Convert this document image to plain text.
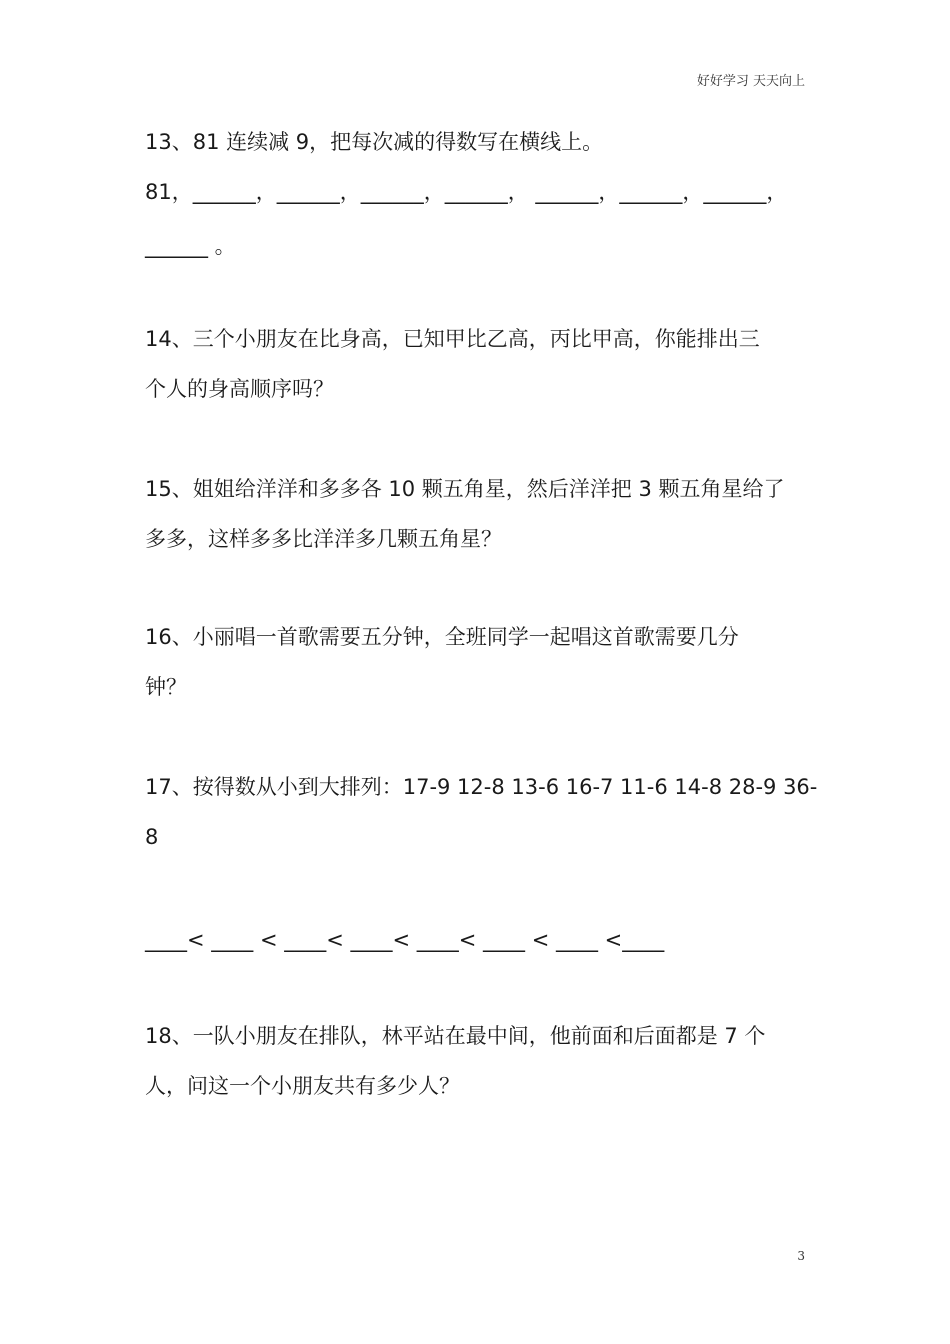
好好学习 天天向上
13、81 连续减 9，把每次减的得数写在横线上。
81，______，______，______，______， ______，______，______，
______ 。
14、三个小朋友在比身高，已知甲比乙高，丙比甲高，你能排出三
个人的身高顺序吗？
15、姐姐给洋洋和多多各 10 颗五角星，然后洋洋把 3 颗五角星给了
多多，这样多多比洋洋多几颗五角星？
16、小丽唱一首歌需要五分钟，全班同学一起唱这首歌需要几分
钟？
17、按得数从小到大排列：17-9 12-8 13-6 16-7 11-6 14-8 28-9 36-
8
____< ____ < ____< ____< ____< ____ < ____ <____
18、一队小朋友在排队，林平站在最中间，他前面和后面都是 7 个
人，问这一个小朋友共有多少人？
3
